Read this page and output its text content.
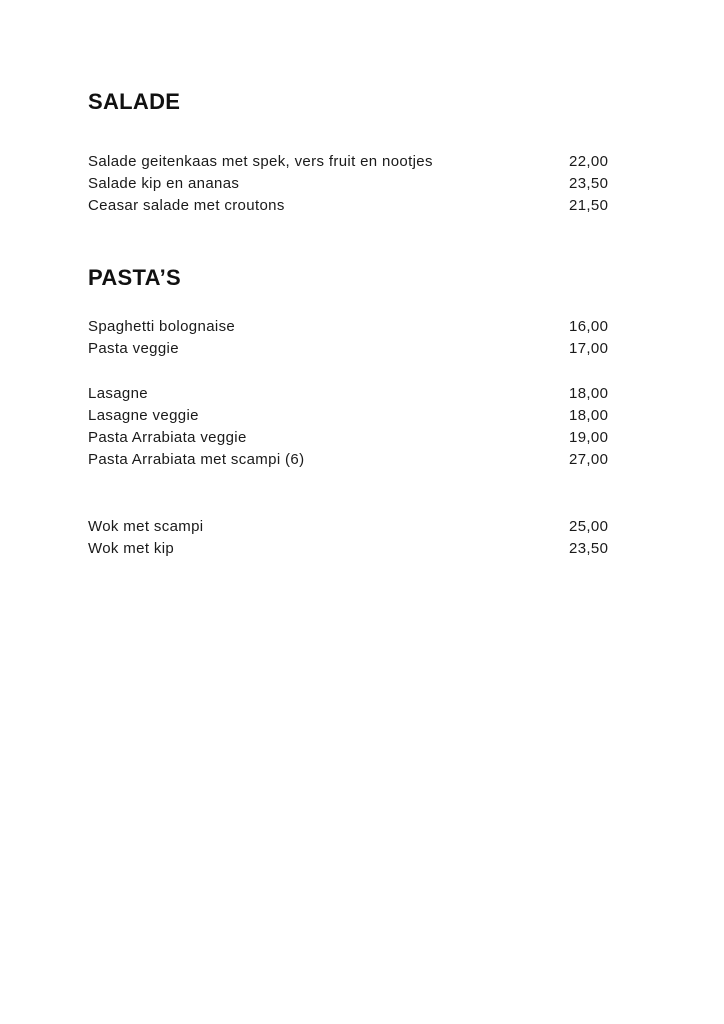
SALADE
Salade geitenkaas met spek, vers fruit en nootjes	22,00
Salade kip en ananas	23,50
Ceasar salade met croutons	21,50
PASTA’S
Spaghetti bolognaise	16,00
Pasta veggie	17,00
Lasagne	18,00
Lasagne veggie	18,00
Pasta Arrabiata veggie	19,00
Pasta Arrabiata met scampi (6)	27,00
Wok met scampi	25,00
Wok met kip	23,50
